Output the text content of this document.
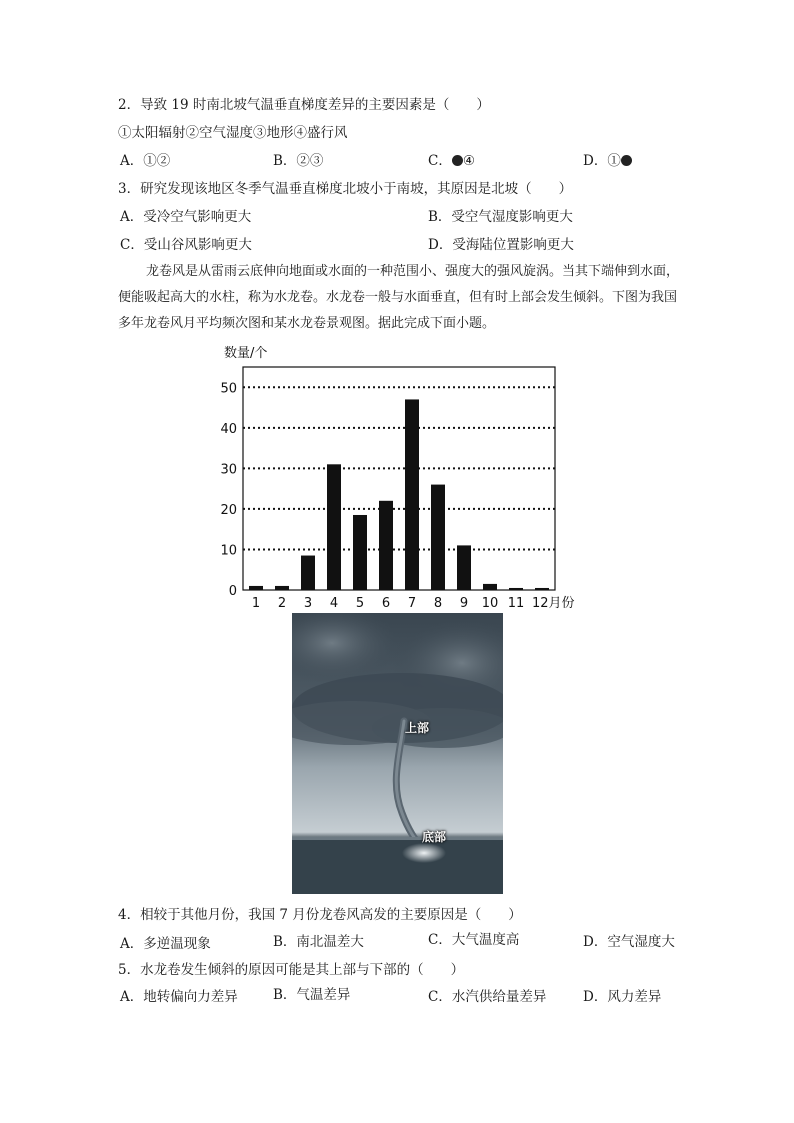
2．导致 19 时南北坡气温垂直梯度差异的主要因素是（　　）
①太阳辐射②空气湿度③地形④盛行风
A．①②	B．②③	C． ④	D．①
3．研究发现该地区冬季气温垂直梯度北坡小于南坡，其原因是北坡（　　）
A．受冷空气影响更大	B．受空气湿度影响更大
C．受山谷风影响更大	D．受海陆位置影响更大
龙卷风是从雷雨云底伸向地面或水面的一种范围小、强度大的强风旋涡。当其下端伸到水面，便能吸起高大的水柱，称为水龙卷。水龙卷一般与水面垂直，但有时上部会发生倾斜。下图为我国多年龙卷风月平均频次图和某水龙卷景观图。据此完成下面小题。
数量/个
0
10
20
30
40
50
1 2 3 4 5 6 7 8 9 10 11 12月份
上部
底部
4．相较于其他月份，我国 7 月份龙卷风高发的主要原因是（　　）
A．多逆温现象	B．南北温差大	C．大气温度高	D．空气湿度大
5．水龙卷发生倾斜的原因可能是其上部与下部的（　　）
A．地转偏向力差异	B．气温差异	C．水汽供给量差异	D．风力差异
